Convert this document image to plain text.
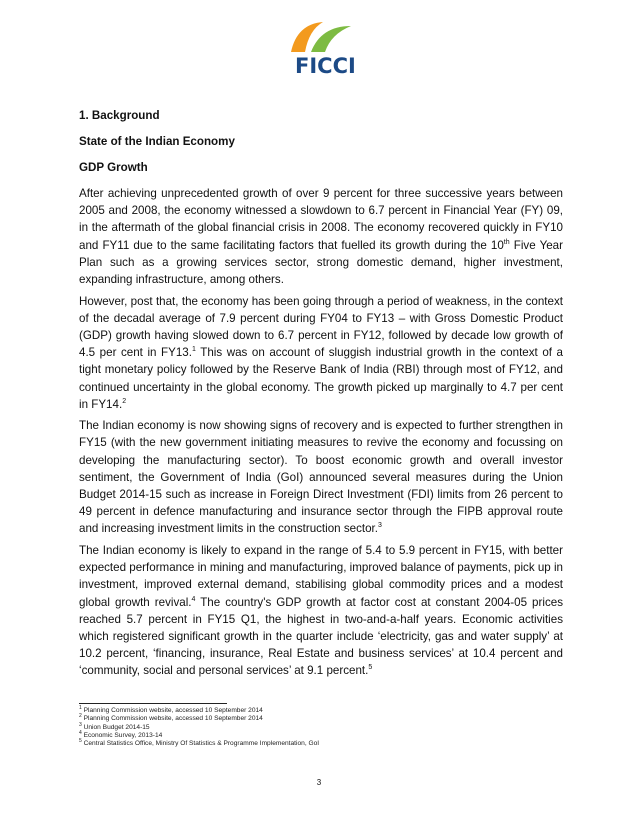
FICCI
1. Background
State of the Indian Economy
GDP Growth

After achieving unprecedented growth of over 9 percent for three successive years between 2005 and 2008, the economy witnessed a slowdown to 6.7 percent in Financial Year (FY) 09, in the aftermath of the global financial crisis in 2008. The economy recovered quickly in FY10 and FY11 due to the same facilitating factors that fuelled its growth during the 10th Five Year Plan such as a growing services sector, strong domestic demand, higher investment, expanding infrastructure, among others.

However, post that, the economy has been going through a period of weakness, in the context of the decadal average of 7.9 percent during FY04 to FY13 – with Gross Domestic Product (GDP) growth having slowed down to 6.7 percent in FY12, followed by decade low growth of 4.5 per cent in FY13.$^1$ This was on account of sluggish industrial growth in the context of a tight monetary policy followed by the Reserve Bank of India (RBI) through most of FY12, and continued uncertainty in the global economy. The growth picked up marginally to 4.7 per cent in FY14.$^2$

The Indian economy is now showing signs of recovery and is expected to further strengthen in FY15 (with the new government initiating measures to revive the economy and focussing on developing the manufacturing sector). To boost economic growth and overall investor sentiment, the Government of India (GoI) announced several measures during the Union Budget 2014-15 such as increase in Foreign Direct Investment (FDI) limits from 26 percent to 49 percent in defence manufacturing and insurance sector through the FIPB approval route and increasing investment limits in the construction sector.$^3$

The Indian economy is likely to expand in the range of 5.4 to 5.9 percent in FY15, with better expected performance in mining and manufacturing, improved balance of payments, pick up in investment, improved external demand, stabilising global commodity prices and a modest global growth revival.$^4$ The country's GDP growth at factor cost at constant 2004-05 prices reached 5.7 percent in FY15 Q1, the highest in two-and-a-half years. Economic activities which registered significant growth in the quarter include ‘electricity, gas and water supply’ at 10.2 percent, ‘financing, insurance, Real Estate and business services’ at 10.4 percent and ‘community, social and personal services’ at 9.1 percent.$^5$

$^1$ Planning Commission website, accessed 10 September 2014
$^2$ Planning Commission website, accessed 10 September 2014
$^3$ Union Budget 2014-15
$^4$ Economic Survey, 2013-14
$^5$ Central Statistics Office, Ministry Of Statistics & Programme Implementation, GoI
3
